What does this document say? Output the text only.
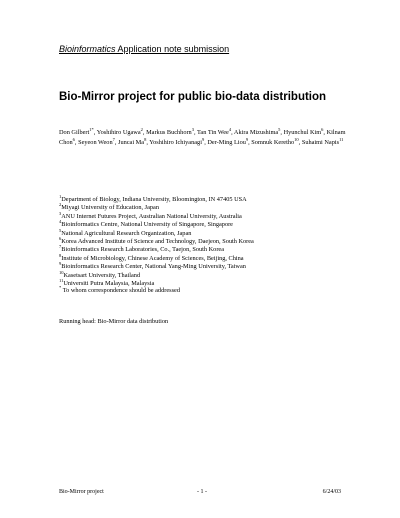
Bioinformatics Application note submission
Bio-Mirror project for public bio-data distribution
Don Gilbert$^{1*}$, Yoshihiro Ugawa$^2$, Markus Buchhorn$^3$, Tan Tin Wee$^4$, Akira Mizushima$^5$, Hyunchul Kim$^6$, Kilnam Chon$^6$, Seyeon Weon$^7$, Juncai Ma$^8$, Yoshihiro Ichiyanagi$^9$, Der-Ming Liou$^9$, Somnuk Keretho$^{10}$, Suhaimi Napis$^{11}$
$^1$Department of Biology, Indiana University, Bloomington, IN 47405 USA
$^2$Miyagi University of Education, Japan
$^3$ANU Internet Futures Project, Australian National University, Australia
$^4$Bioinformatics Centre, National University of Singapore, Singapore
$^5$National Agricultural Research Organization, Japan
$^6$Korea Advanced Institute of Science and Technology, Daejeon, South Korea
$^7$Bioinformatics Research Laboratories, Co., Taejon, South Korea
$^8$Institute of Microbiology, Chinese Academy of Sciences, Beijing, China
$^9$Bioinformatics Research Center, National Yang-Ming University, Taiwan
$^{10}$Kasetsart University, Thailand
$^{11}$Universiti Putra Malaysia, Malaysia
* To whom correspondence should be addressed
Running head: Bio-Mirror data distribution
Bio-Mirror project	- 1 -	6/24/03
